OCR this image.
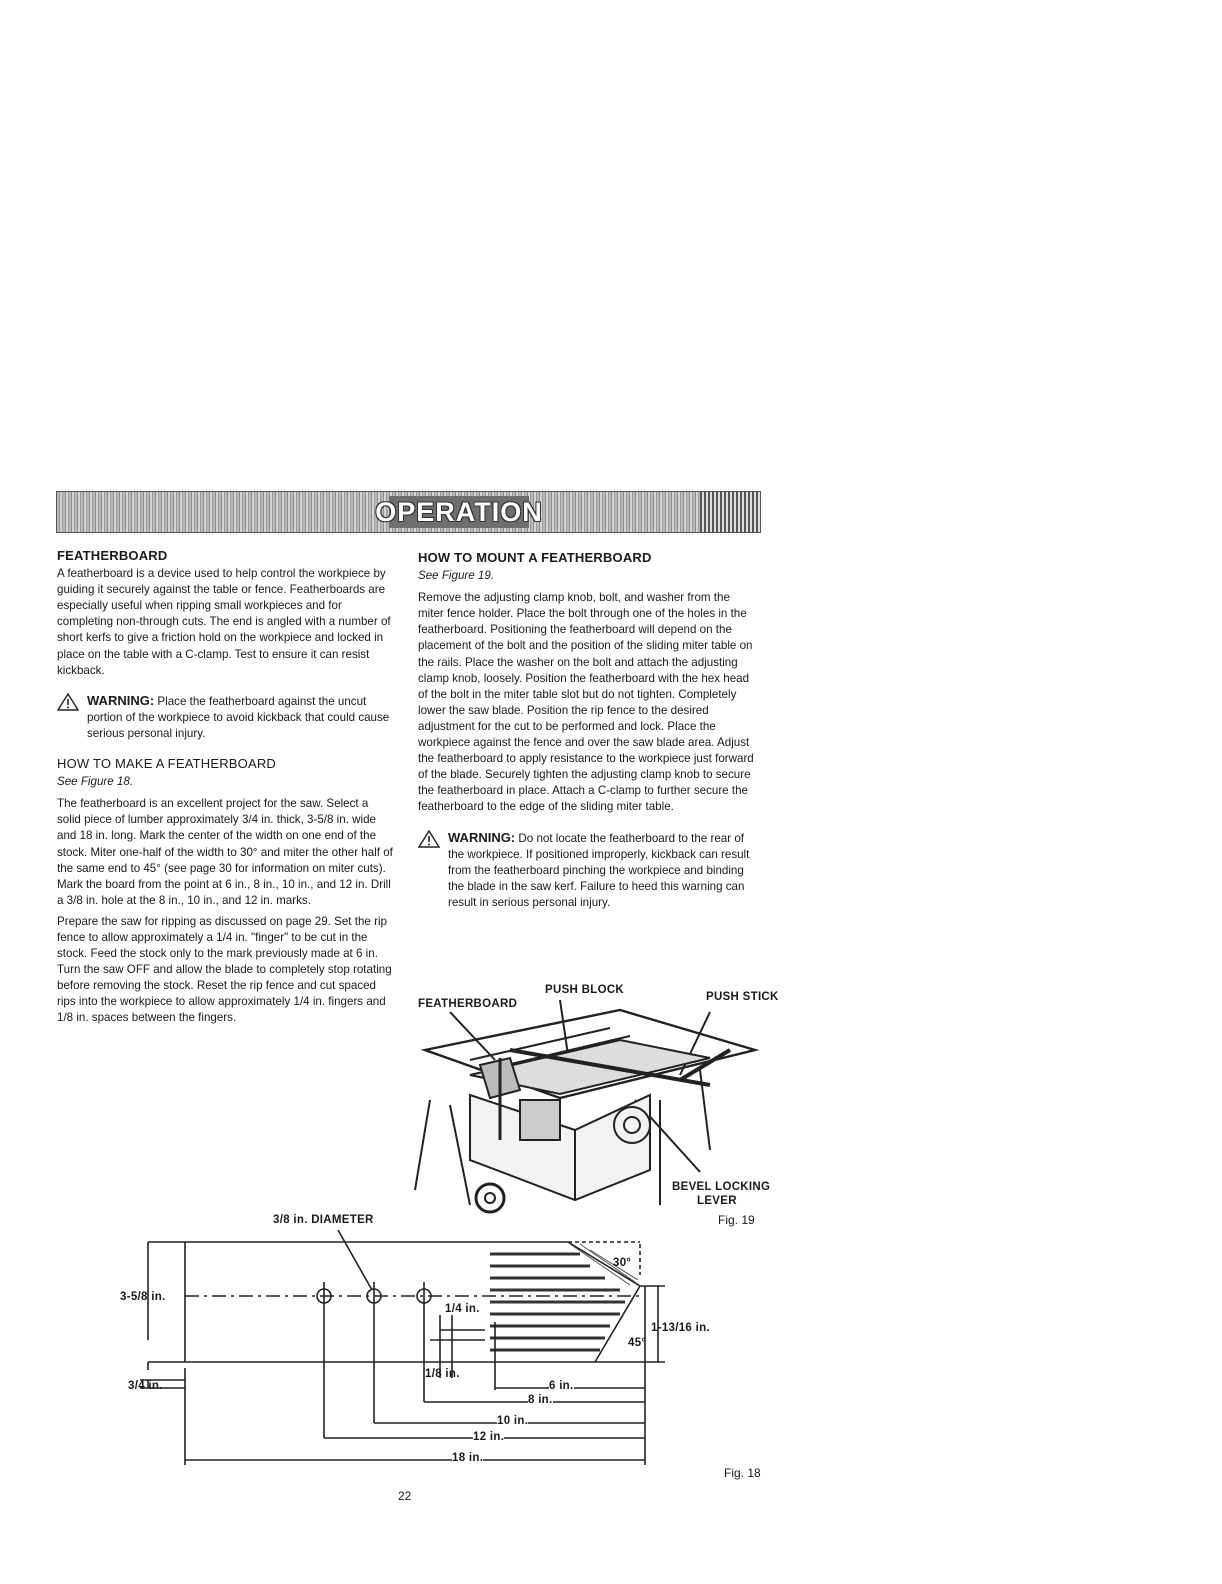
OPERATION
FEATHERBOARD

A featherboard is a device used to help control the workpiece by guiding it securely against the table or fence. Featherboards are especially useful when ripping small workpieces and for completing non-through cuts. The end is angled with a number of short kerfs to give a friction hold on the workpiece and locked in place on the table with a C-clamp. Test to ensure it can resist kickback.

WARNING: Place the featherboard against the uncut portion of the workpiece to avoid kickback that could cause serious personal injury.
HOW TO MAKE A FEATHERBOARD
See Figure 18.

The featherboard is an excellent project for the saw. Select a solid piece of lumber approximately 3/4 in. thick, 3-5/8 in. wide and 18 in. long. Mark the center of the width on one end of the stock. Miter one-half of the width to 30° and miter the other half of the same end to 45° (see page 30 for information on miter cuts). Mark the board from the point at 6 in., 8 in., 10 in., and 12 in. Drill a 3/8 in. hole at the 8 in., 10 in., and 12 in. marks.

Prepare the saw for ripping as discussed on page 29. Set the rip fence to allow approximately a 1/4 in. "finger" to be cut in the stock. Feed the stock only to the mark previously made at 6 in. Turn the saw OFF and allow the blade to completely stop rotating before removing the stock. Reset the rip fence and cut spaced rips into the workpiece to allow approximately 1/4 in. fingers and 1/8 in. spaces between the fingers.

HOW TO MOUNT A FEATHERBOARD
See Figure 19.

Remove the adjusting clamp knob, bolt, and washer from the miter fence holder. Place the bolt through one of the holes in the featherboard. Positioning the featherboard will depend on the placement of the bolt and the position of the sliding miter table on the rails. Place the washer on the bolt and attach the adjusting clamp knob, loosely. Position the featherboard with the hex head of the bolt in the miter table slot but do not tighten. Completely lower the saw blade. Position the rip fence to the desired adjustment for the cut to be performed and lock. Place the workpiece against the fence and over the saw blade area. Adjust the featherboard to apply resistance to the workpiece just forward of the blade. Securely tighten the adjusting clamp knob to secure the featherboard in place. Attach a C-clamp to further secure the featherboard to the edge of the sliding miter table.

WARNING: Do not locate the featherboard to the rear of the workpiece. If positioned improperly, kickback can result from the featherboard pinching the workpiece and binding the blade in the saw kerf. Failure to heed this warning can result in serious personal injury.
PUSH BLOCK
FEATHERBOARD
PUSH STICK
BEVEL LOCKING
LEVER
Fig. 19
3/8 in. DIAMETER
3-5/8 in.
3/4 in.
1/4 in.
1/8 in.
30°
45°
1-13/16 in.
6 in.
8 in.
10 in.
12 in.
18 in.
Fig. 18
22
